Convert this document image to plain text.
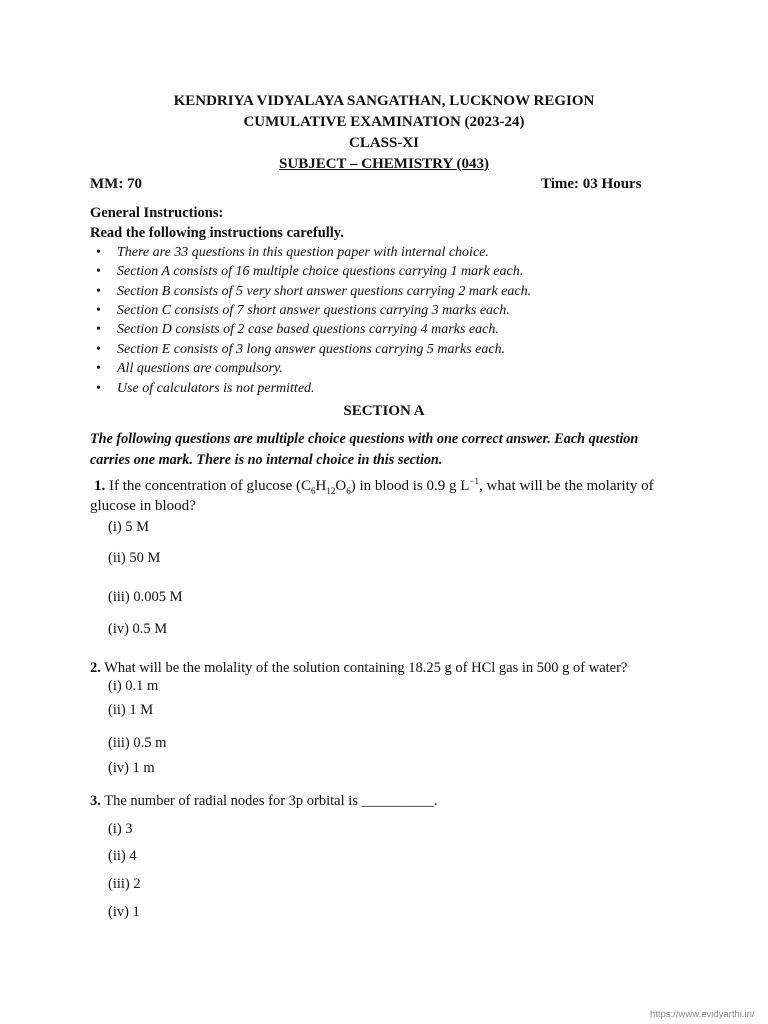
KENDRIYA VIDYALAYA SANGATHAN, LUCKNOW REGION
CUMULATIVE EXAMINATION (2023-24)
CLASS-XI
SUBJECT – CHEMISTRY (043)
MM: 70	Time: 03 Hours
General Instructions:
Read the following instructions carefully.
• There are 33 questions in this question paper with internal choice.
• Section A consists of 16 multiple choice questions carrying 1 mark each.
• Section B consists of 5 very short answer questions carrying 2 mark each.
• Section C consists of 7 short answer questions carrying 3 marks each.
• Section D consists of 2 case based questions carrying 4 marks each.
• Section E consists of 3 long answer questions carrying 5 marks each.
• All questions are compulsory.
• Use of calculators is not permitted.
SECTION A
The following questions are multiple choice questions with one correct answer. Each question
carries one mark. There is no internal choice in this section.
1. If the concentration of glucose $(C_6H_{12}O_6)$ in blood is 0.9 g $L^{-1}$, what will be the molarity of
glucose in blood?
(i) 5 M
(ii) 50 M
(iii) 0.005 M
(iv) 0.5 M
2. What will be the molality of the solution containing 18.25 g of HCl gas in 500 g of water?
(i) 0.1 m
(ii) 1 M
(iii) 0.5 m
(iv) 1 m
3. The number of radial nodes for 3p orbital is __________.
(i) 3
(ii) 4
(iii) 2
(iv) 1
https://www.evidyarthi.in/
